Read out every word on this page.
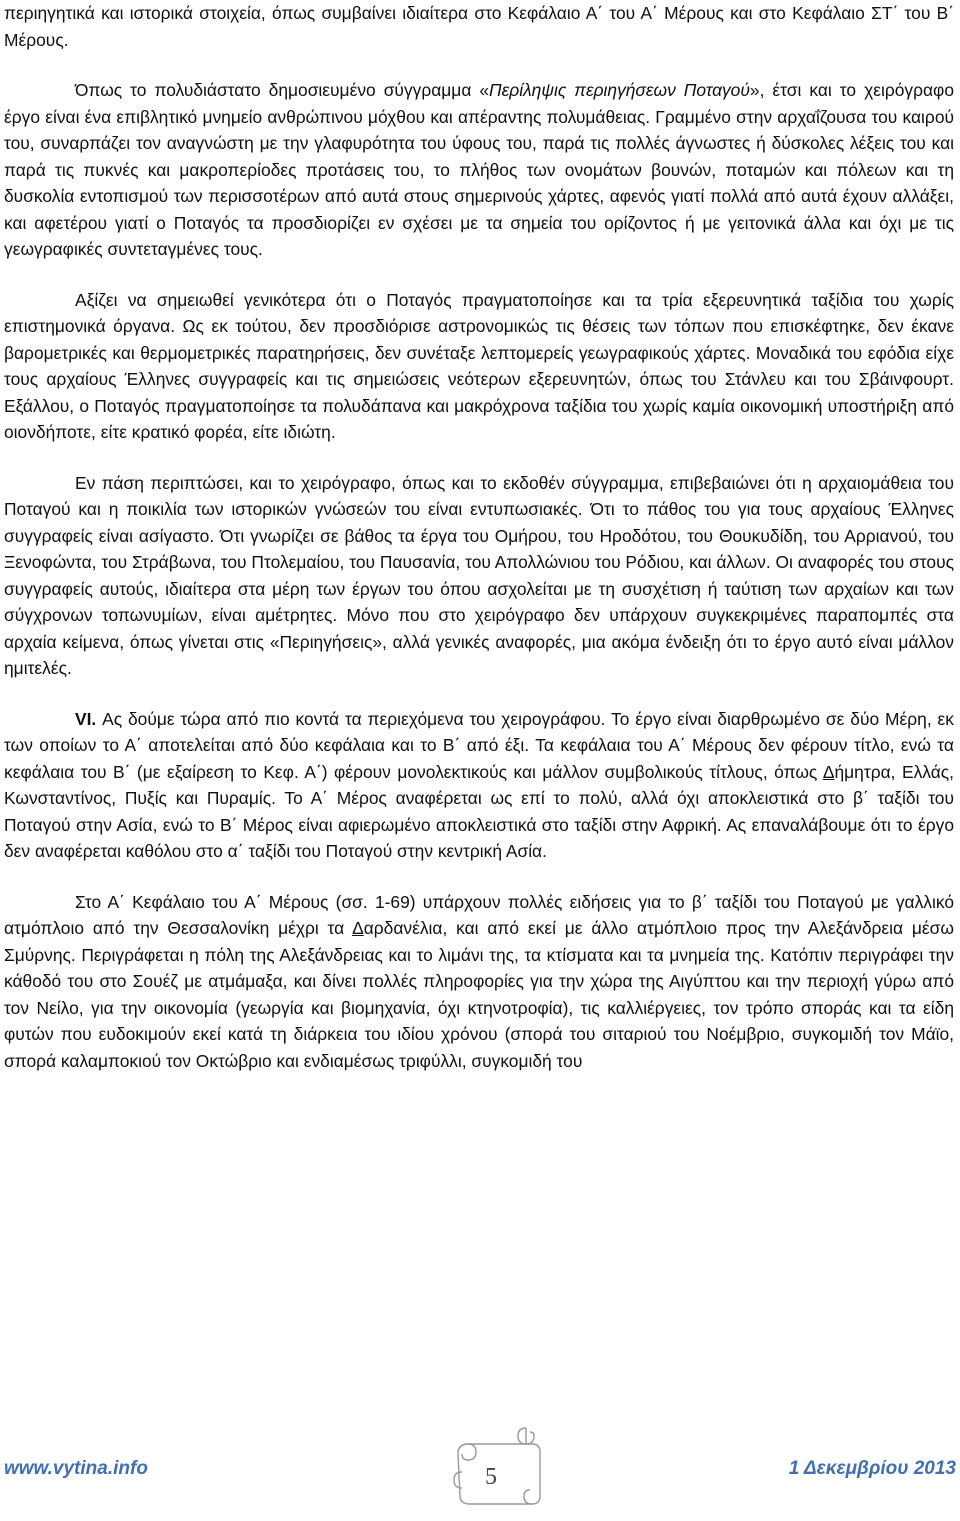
περιηγητικά και ιστορικά στοιχεία, όπως συμβαίνει ιδιαίτερα στο Κεφάλαιο Α΄ του Α΄ Μέρους και στο Κεφάλαιο ΣΤ΄ του Β΄ Μέρους.

Όπως το πολυδιάστατο δημοσιευμένο σύγγραμμα «Περίληψις περιηγήσεων Ποταγού», έτσι και το χειρόγραφο έργο είναι ένα επιβλητικό μνημείο ανθρώπινου μόχθου και απέραντης πολυμάθειας. Γραμμένο στην αρχαΐζουσα του καιρού του, συναρπάζει τον αναγνώστη με την γλαφυρότητα του ύφους του, παρά τις πολλές άγνωστες ή δύσκολες λέξεις του και παρά τις πυκνές και μακροπερίοδες προτάσεις του, το πλήθος των ονομάτων βουνών, ποταμών και πόλεων και τη δυσκολία εντοπισμού των περισσοτέρων από αυτά στους σημερινούς χάρτες, αφενός γιατί πολλά από αυτά έχουν αλλάξει, και αφετέρου γιατί ο Ποταγός τα προσδιορίζει εν σχέσει με τα σημεία του ορίζοντος ή με γειτονικά άλλα και όχι με τις γεωγραφικές συντεταγμένες τους.

Αξίζει να σημειωθεί γενικότερα ότι ο Ποταγός πραγματοποίησε και τα τρία εξερευνητικά ταξίδια του χωρίς επιστημονικά όργανα. Ως εκ τούτου, δεν προσδιόρισε αστρονομικώς τις θέσεις των τόπων που επισκέφτηκε, δεν έκανε βαρομετρικές και θερμομετρικές παρατηρήσεις, δεν συνέταξε λεπτομερείς γεωγραφικούς χάρτες. Μοναδικά του εφόδια είχε τους αρχαίους Έλληνες συγγραφείς και τις σημειώσεις νεότερων εξερευνητών, όπως του Στάνλευ και του Σβάινφουρτ. Εξάλλου, ο Ποταγός πραγματοποίησε τα πολυδάπανα και μακρόχρονα ταξίδια του χωρίς καμία οικονομική υποστήριξη από οιονδήποτε, είτε κρατικό φορέα, είτε ιδιώτη.

Εν πάση περιπτώσει, και το χειρόγραφο, όπως και το εκδοθέν σύγγραμμα, επιβεβαιώνει ότι η αρχαιομάθεια του Ποταγού και η ποικιλία των ιστορικών γνώσεών του είναι εντυπωσιακές. Ότι το πάθος του για τους αρχαίους Έλληνες συγγραφείς είναι ασίγαστο. Ότι γνωρίζει σε βάθος τα έργα του Ομήρου, του Ηροδότου, του Θουκυδίδη, του Αρριανού, του Ξενοφώντα, του Στράβωνα, του Πτολεμαίου, του Παυσανία, του Απολλώνιου του Ρόδιου, και άλλων. Οι αναφορές του στους συγγραφείς αυτούς, ιδιαίτερα στα μέρη των έργων του όπου ασχολείται με τη συσχέτιση ή ταύτιση των αρχαίων και των σύγχρονων τοπωνυμίων, είναι αμέτρητες. Μόνο που στο χειρόγραφο δεν υπάρχουν συγκεκριμένες παραπομπές στα αρχαία κείμενα, όπως γίνεται στις «Περιηγήσεις», αλλά γενικές αναφορές, μια ακόμα ένδειξη ότι το έργο αυτό είναι μάλλον ημιτελές.

VI. Ας δούμε τώρα από πιο κοντά τα περιεχόμενα του χειρογράφου. Το έργο είναι διαρθρωμένο σε δύο Μέρη, εκ των οποίων το Α΄ αποτελείται από δύο κεφάλαια και το Β΄ από έξι. Τα κεφάλαια του Α΄ Μέρους δεν φέρουν τίτλο, ενώ τα κεφάλαια του Β΄ (με εξαίρεση το Κεφ. Α΄) φέρουν μονολεκτικούς και μάλλον συμβολικούς τίτλους, όπως Δήμητρα, Ελλάς, Κωνσταντίνος, Πυξίς και Πυραμίς. Το Α΄ Μέρος αναφέρεται ως επί το πολύ, αλλά όχι αποκλειστικά στο β΄ ταξίδι του Ποταγού στην Ασία, ενώ το Β΄ Μέρος είναι αφιερωμένο αποκλειστικά στο ταξίδι στην Αφρική. Ας επαναλάβουμε ότι το έργο δεν αναφέρεται καθόλου στο α΄ ταξίδι του Ποταγού στην κεντρική Ασία.

Στο Α΄ Κεφάλαιο του Α΄ Μέρους (σσ. 1-69) υπάρχουν πολλές ειδήσεις για το β΄ ταξίδι του Ποταγού με γαλλικό ατμόπλοιο από την Θεσσαλονίκη μέχρι τα Δαρδανέλια, και από εκεί με άλλο ατμόπλοιο προς την Αλεξάνδρεια μέσω Σμύρνης. Περιγράφεται η πόλη της Αλεξάνδρειας και το λιμάνι της, τα κτίσματα και τα μνημεία της. Κατόπιν περιγράφει την κάθοδό του στο Σουέζ με ατμάμαξα, και δίνει πολλές πληροφορίες για την χώρα της Αιγύπτου και την περιοχή γύρω από τον Νείλο, για την οικονομία (γεωργία και βιομηχανία, όχι κτηνοτροφία), τις καλλιέργειες, τον τρόπο σποράς και τα είδη φυτών που ευδοκιμούν εκεί κατά τη διάρκεια του ιδίου χρόνου (σπορά του σιταριού του Νοέμβριο, συγκομιδή τον Μάϊο, σπορά καλαμποκιού τον Οκτώβριο και ενδιαμέσως τριφύλλι, συγκομιδή του

www.vytina.info	5	1 Δεκεμβρίου 2013
